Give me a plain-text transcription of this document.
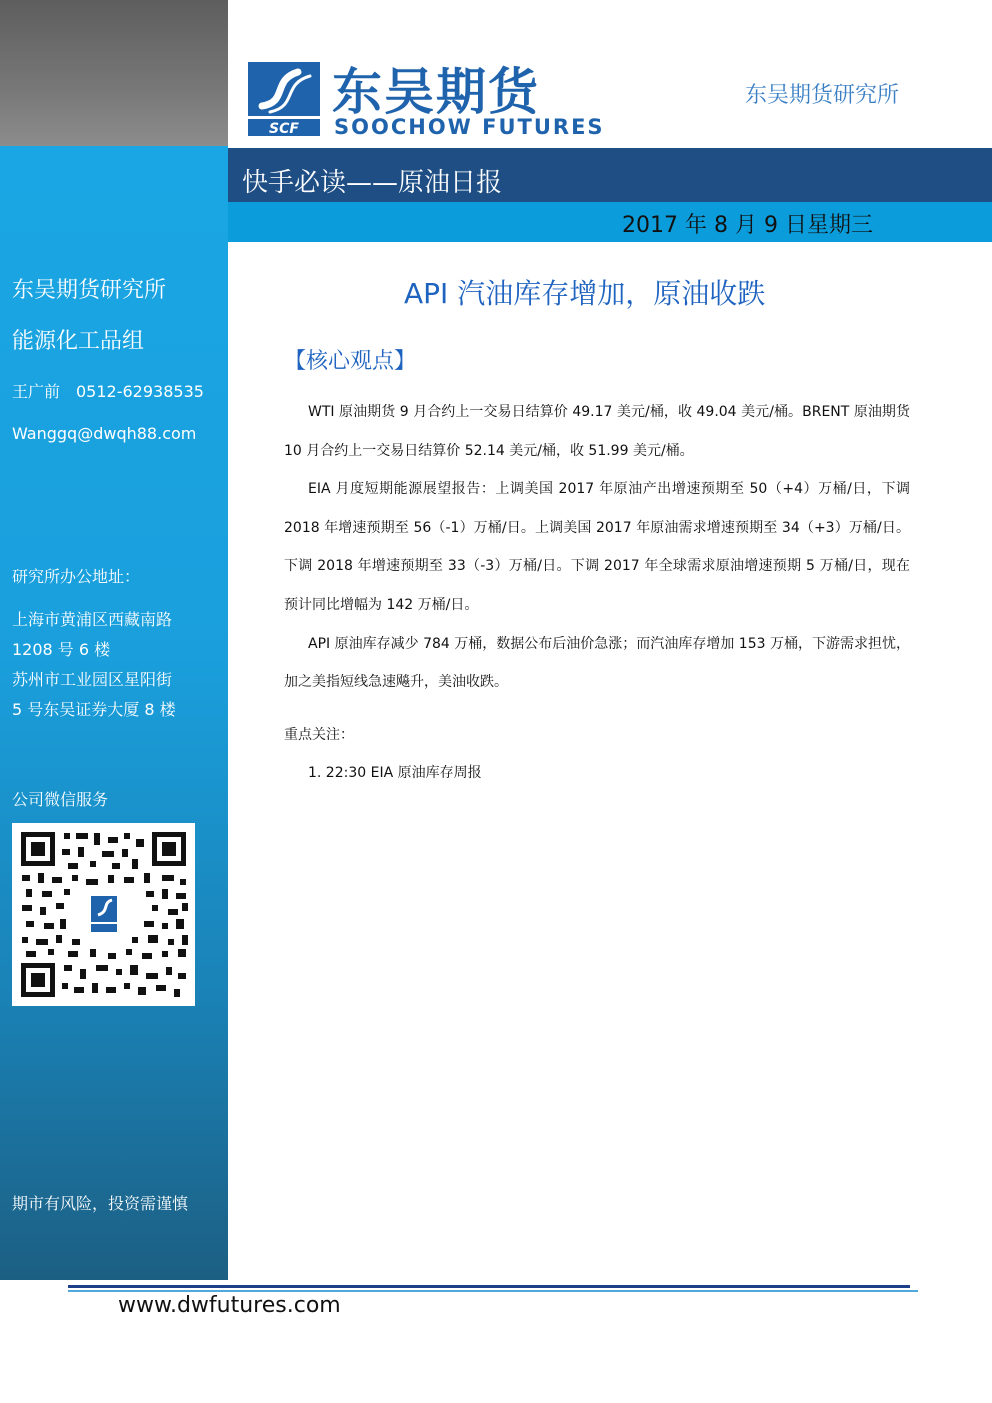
东吴期货研究所
能源化工品组
王广前　0512-62938535
Wanggq@dwqh88.com
研究所办公地址：
上海市黄浦区西藏南路
1208 号 6 楼
苏州市工业园区星阳街
5 号东吴证券大厦 8 楼
公司微信服务
期市有风险，投资需谨慎
SCF
东吴期货
SOOCHOW FUTURES
东吴期货研究所
快手必读——原油日报
2017 年 8 月 9 日星期三
API 汽油库存增加，原油收跌
【核心观点】

WTI 原油期货 9 月合约上一交易日结算价 49.17 美元/桶，收 49.04 美元/桶。BRENT 原油期货 10 月合约上一交易日结算价 52.14 美元/桶，收 51.99 美元/桶。

EIA 月度短期能源展望报告：上调美国 2017 年原油产出增速预期至 50（+4）万桶/日，下调 2018 年增速预期至 56（-1）万桶/日。上调美国 2017 年原油需求增速预期至 34（+3）万桶/日。下调 2018 年增速预期至 33（-3）万桶/日。下调 2017 年全球需求原油增速预期 5 万桶/日，现在预计同比增幅为 142 万桶/日。

API 原油库存减少 784 万桶，数据公布后油价急涨；而汽油库存增加 153 万桶，下游需求担忧，加之美指短线急速飚升，美油收跌。

重点关注：
1. 22:30 EIA 原油库存周报
www.dwfutures.com
